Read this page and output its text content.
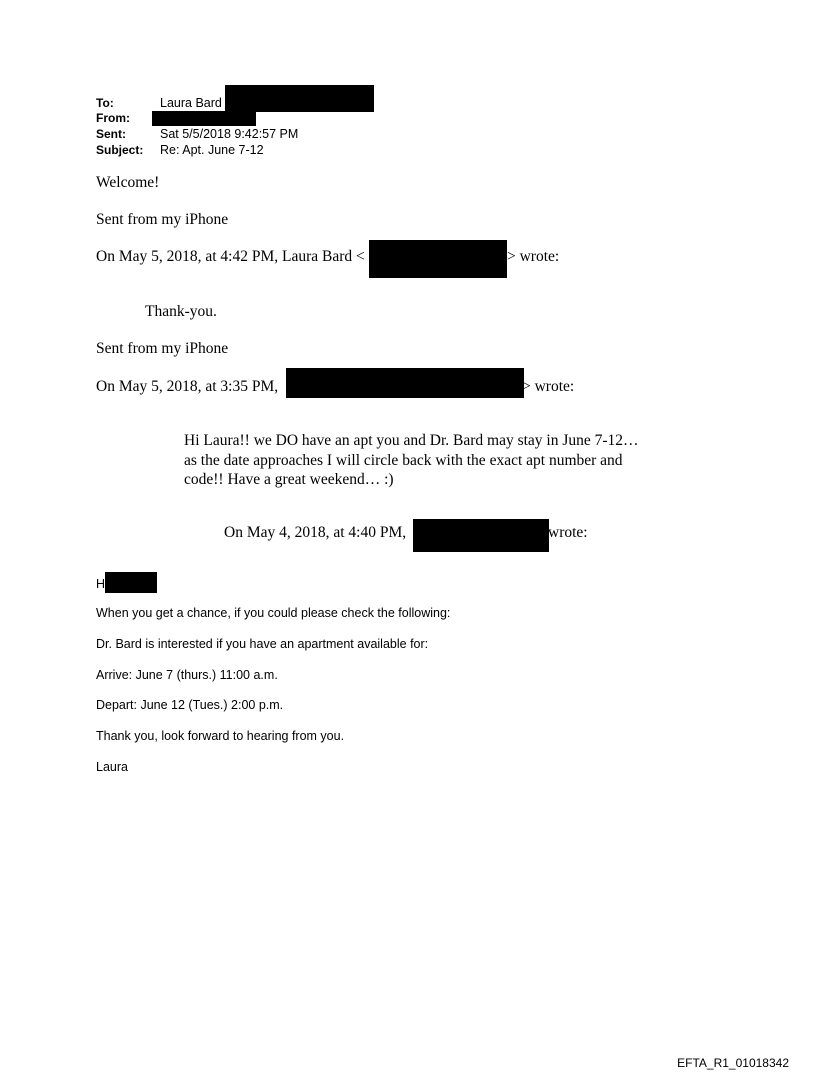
To:	Laura Bard
From:
Sent:	Sat 5/5/2018 9:42:57 PM
Subject: Re: Apt. June 7-12
Welcome!
Sent from my iPhone
On May 5, 2018, at 4:42 PM, Laura Bard <	> wrote:
Thank-you.
Sent from my iPhone
On May 5, 2018, at 3:35 PM,	> wrote:
Hi Laura!! we DO have an apt you and Dr. Bard may stay in June 7-12… as the date approaches I will circle back with the exact apt number and code!! Have a great weekend… :)
On May 4, 2018, at 4:40 PM,	wrote:
H
When you get a chance, if you could please check the following:
Dr. Bard is interested if you have an apartment available for:
Arrive: June 7 (thurs.) 11:00 a.m.
Depart: June 12 (Tues.) 2:00 p.m.
Thank you, look forward to hearing from you.
Laura
EFTA_R1_01018342
